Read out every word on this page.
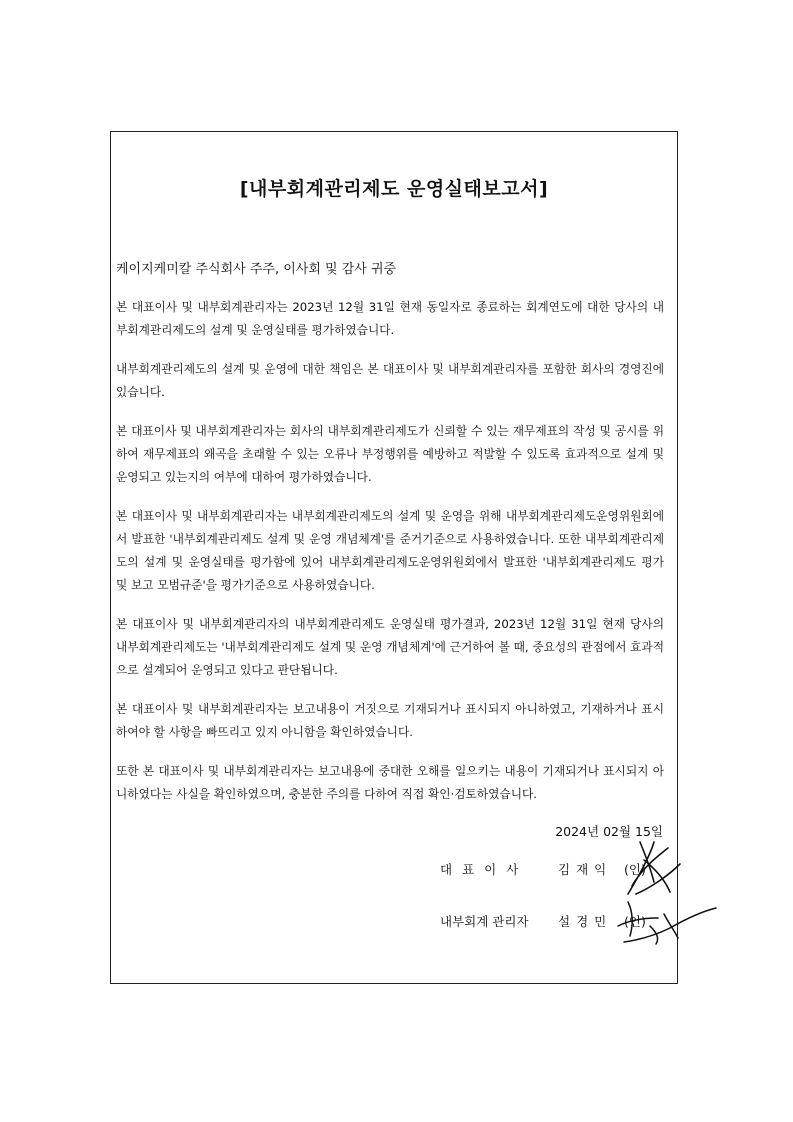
[내부회계관리제도 운영실태보고서]
케이지케미칼 주식회사 주주, 이사회 및 감사 귀중

본 대표이사 및 내부회계관리자는 2023년 12월 31일 현재 동일자로 종료하는 회계연도에 대한 당사의 내부회계관리제도의 설계 및 운영실태를 평가하였습니다.

내부회계관리제도의 설계 및 운영에 대한 책임은 본 대표이사 및 내부회계관리자를 포함한 회사의 경영진에 있습니다.

본 대표이사 및 내부회계관리자는 회사의 내부회계관리제도가 신뢰할 수 있는 재무제표의 작성 및 공시를 위하여 재무제표의 왜곡을 초래할 수 있는 오류나 부정행위를 예방하고 적발할 수 있도록 효과적으로 설계 및 운영되고 있는지의 여부에 대하여 평가하였습니다.

본 대표이사 및 내부회계관리자는 내부회계관리제도의 설계 및 운영을 위해 내부회계관리제도운영위원회에서 발표한 '내부회계관리제도 설계 및 운영 개념체계'를 준거기준으로 사용하였습니다. 또한 내부회계관리제도의 설계 및 운영실태를 평가함에 있어 내부회계관리제도운영위원회에서 발표한 '내부회계관리제도 평가 및 보고 모범규준'을 평가기준으로 사용하였습니다.

본 대표이사 및 내부회계관리자의 내부회계관리제도 운영실태 평가결과, 2023년 12월 31일 현재 당사의 내부회계관리제도는 '내부회계관리제도 설계 및 운영 개념체계'에 근거하여 볼 때, 중요성의 관점에서 효과적으로 설계되어 운영되고 있다고 판단됩니다.

본 대표이사 및 내부회계관리자는 보고내용이 거짓으로 기재되거나 표시되지 아니하였고, 기재하거나 표시하여야 할 사항을 빠뜨리고 있지 아니함을 확인하였습니다.

또한 본 대표이사 및 내부회계관리자는 보고내용에 중대한 오해를 일으키는 내용이 기재되거나 표시되지 아니하였다는 사실을 확인하였으며, 충분한 주의를 다하여 직접 확인·검토하였습니다.

2024년 02월 15일
대표이사 김재익 (인)
내부회계 관리자 설경민 (인)
